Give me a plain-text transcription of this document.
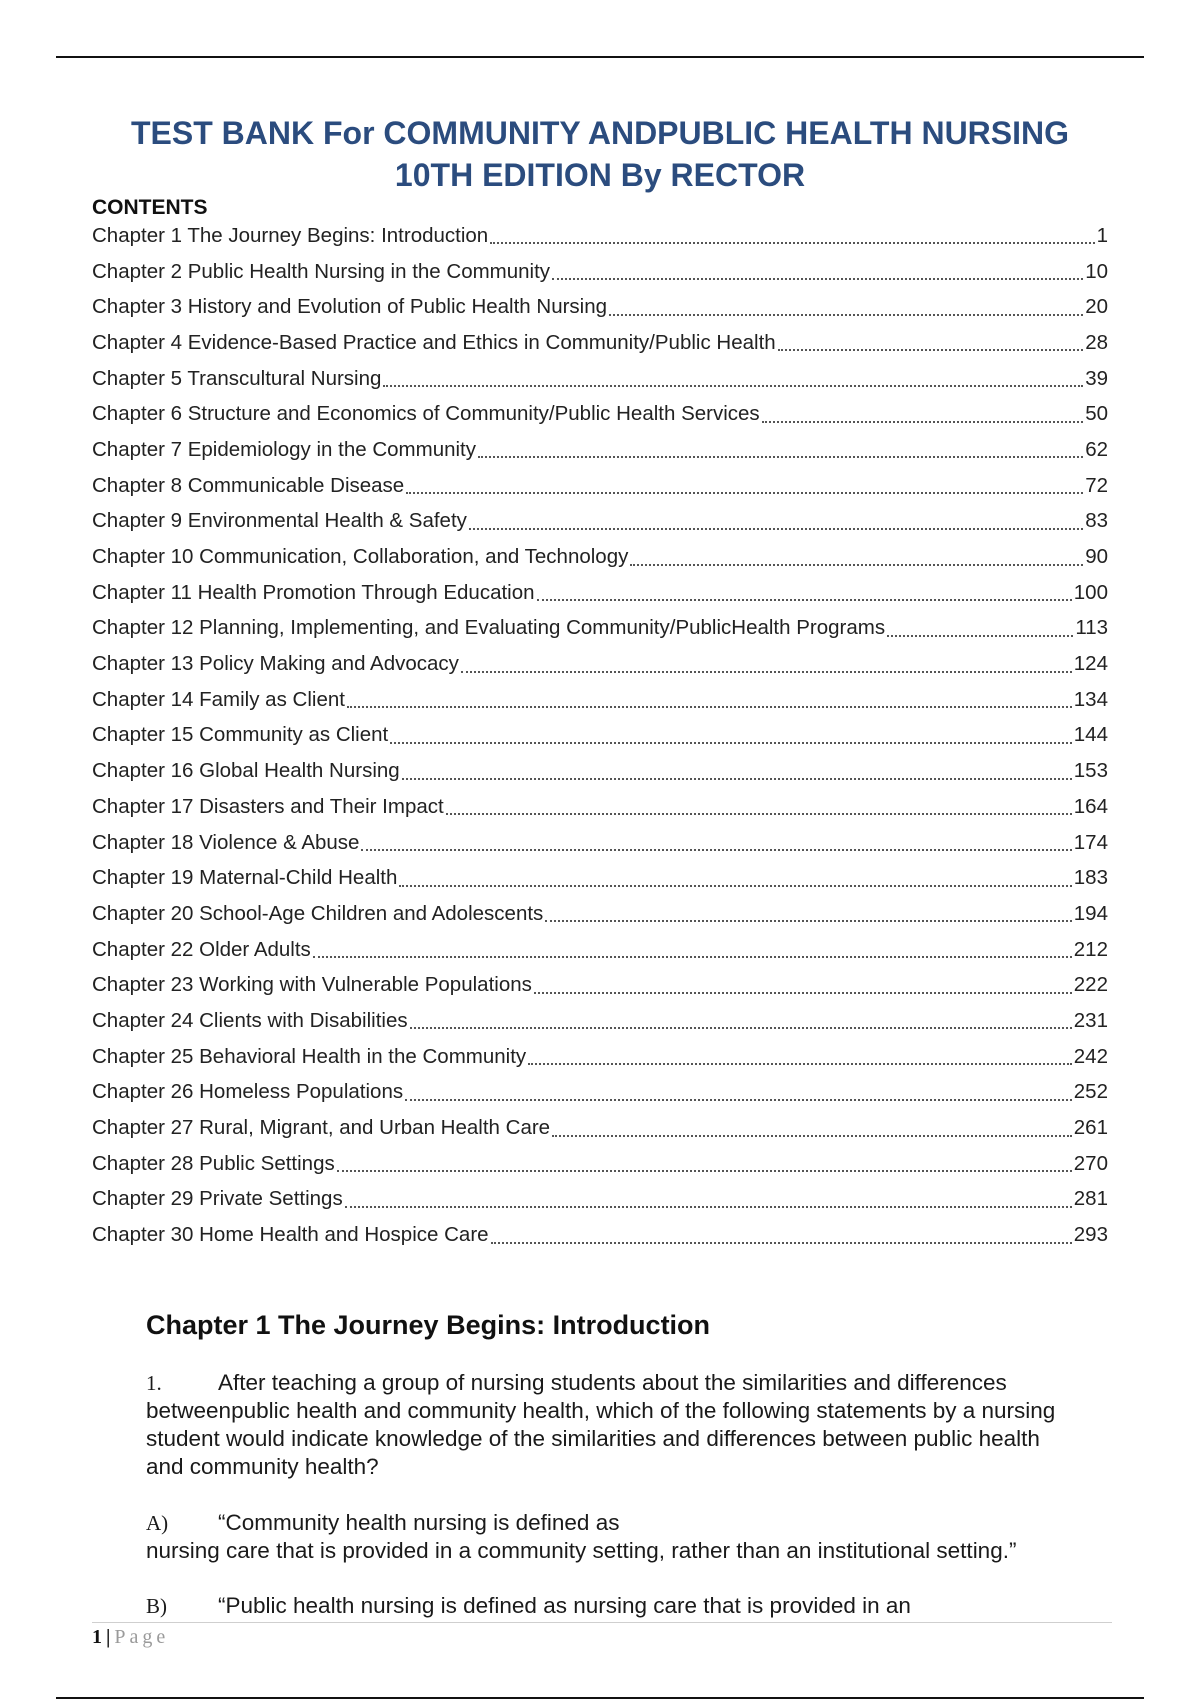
TEST BANK For COMMUNITY ANDPUBLIC HEALTH NURSING
10TH EDITION By RECTOR
CONTENTS
Chapter 1 The Journey Begins: Introduction	1
Chapter 2 Public Health Nursing in the Community	10
Chapter 3 History and Evolution of Public Health Nursing	20
Chapter 4 Evidence-Based Practice and Ethics in Community/Public Health	28
Chapter 5 Transcultural Nursing	39
Chapter 6 Structure and Economics of Community/Public Health Services	50
Chapter 7 Epidemiology in the Community	62
Chapter 8 Communicable Disease	72
Chapter 9 Environmental Health & Safety	83
Chapter 10 Communication, Collaboration, and Technology	90
Chapter 11 Health Promotion Through Education	100
Chapter 12 Planning, Implementing, and Evaluating Community/PublicHealth Programs	113
Chapter 13 Policy Making and Advocacy	124
Chapter 14 Family as Client	134
Chapter 15 Community as Client	144
Chapter 16 Global Health Nursing	153
Chapter 17 Disasters and Their Impact	164
Chapter 18 Violence & Abuse	174
Chapter 19 Maternal-Child Health	183
Chapter 20 School-Age Children and Adolescents	194
Chapter 22 Older Adults	212
Chapter 23 Working with Vulnerable Populations	222
Chapter 24 Clients with Disabilities	231
Chapter 25 Behavioral Health in the Community	242
Chapter 26 Homeless Populations	252
Chapter 27 Rural, Migrant, and Urban Health Care	261
Chapter 28 Public Settings	270
Chapter 29 Private Settings	281
Chapter 30 Home Health and Hospice Care	293
Chapter 1 The Journey Begins: Introduction
1.	After teaching a group of nursing students about the similarities and differences betweenpublic health and community health, which of the following statements by a nursing student would indicate knowledge of the similarities and differences between public health and community health?
A) “Community health nursing is defined as
nursing care that is provided in a community setting, rather than an institutional setting.”
B) “Public health nursing is defined as nursing care that is provided in an
1 | Page
